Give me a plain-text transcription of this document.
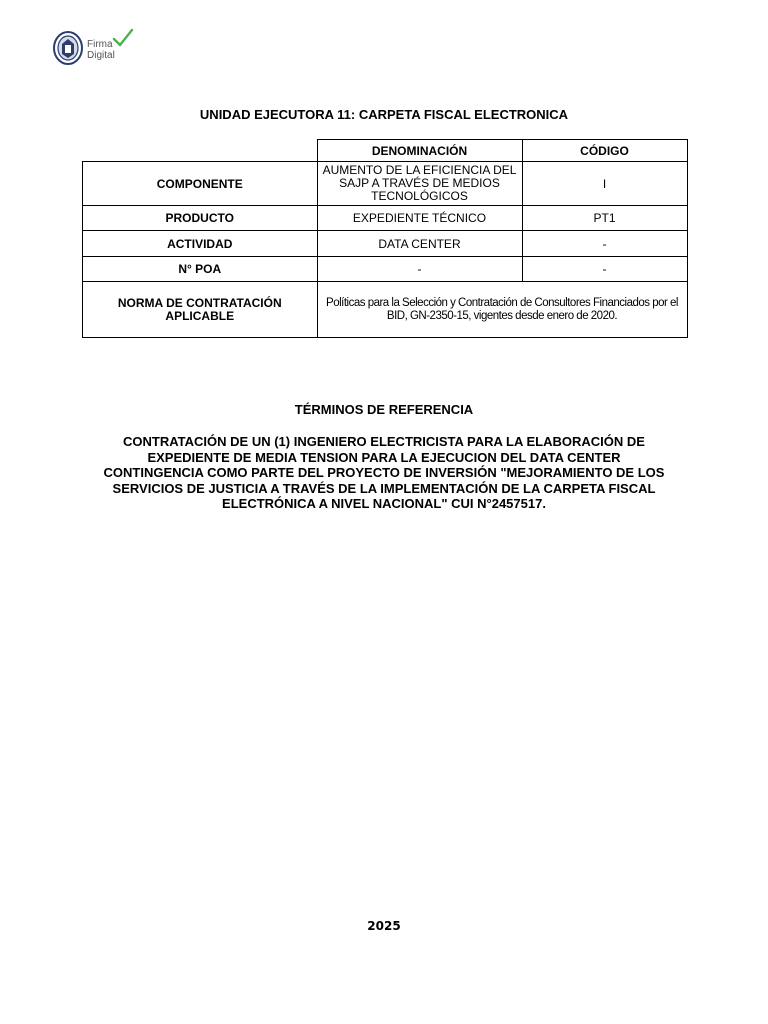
Firma
Digital
UNIDAD EJECUTORA 11: CARPETA FISCAL ELECTRONICA
	DENOMINACIÓN	CÓDIGO
COMPONENTE	AUMENTO DE LA EFICIENCIA DEL SAJP A TRAVÉS DE MEDIOS TECNOLÓGICOS	I
PRODUCTO	EXPEDIENTE TÉCNICO	PT1
ACTIVIDAD	DATA CENTER	-
N° POA	-	-
NORMA DE CONTRATACIÓN APLICABLE	Políticas para la Selección y Contratación de Consultores Financiados por el BID, GN-2350-15, vigentes desde enero de 2020.	
TÉRMINOS DE REFERENCIA
CONTRATACIÓN DE UN (1) INGENIERO ELECTRICISTA PARA LA ELABORACIÓN DE EXPEDIENTE DE MEDIA TENSION PARA LA EJECUCION DEL DATA CENTER CONTINGENCIA COMO PARTE DEL PROYECTO DE INVERSIÓN "MEJORAMIENTO DE LOS SERVICIOS DE JUSTICIA A TRAVÉS DE LA IMPLEMENTACIÓN DE LA CARPETA FISCAL ELECTRÓNICA A NIVEL NACIONAL" CUI N°2457517.
2025
